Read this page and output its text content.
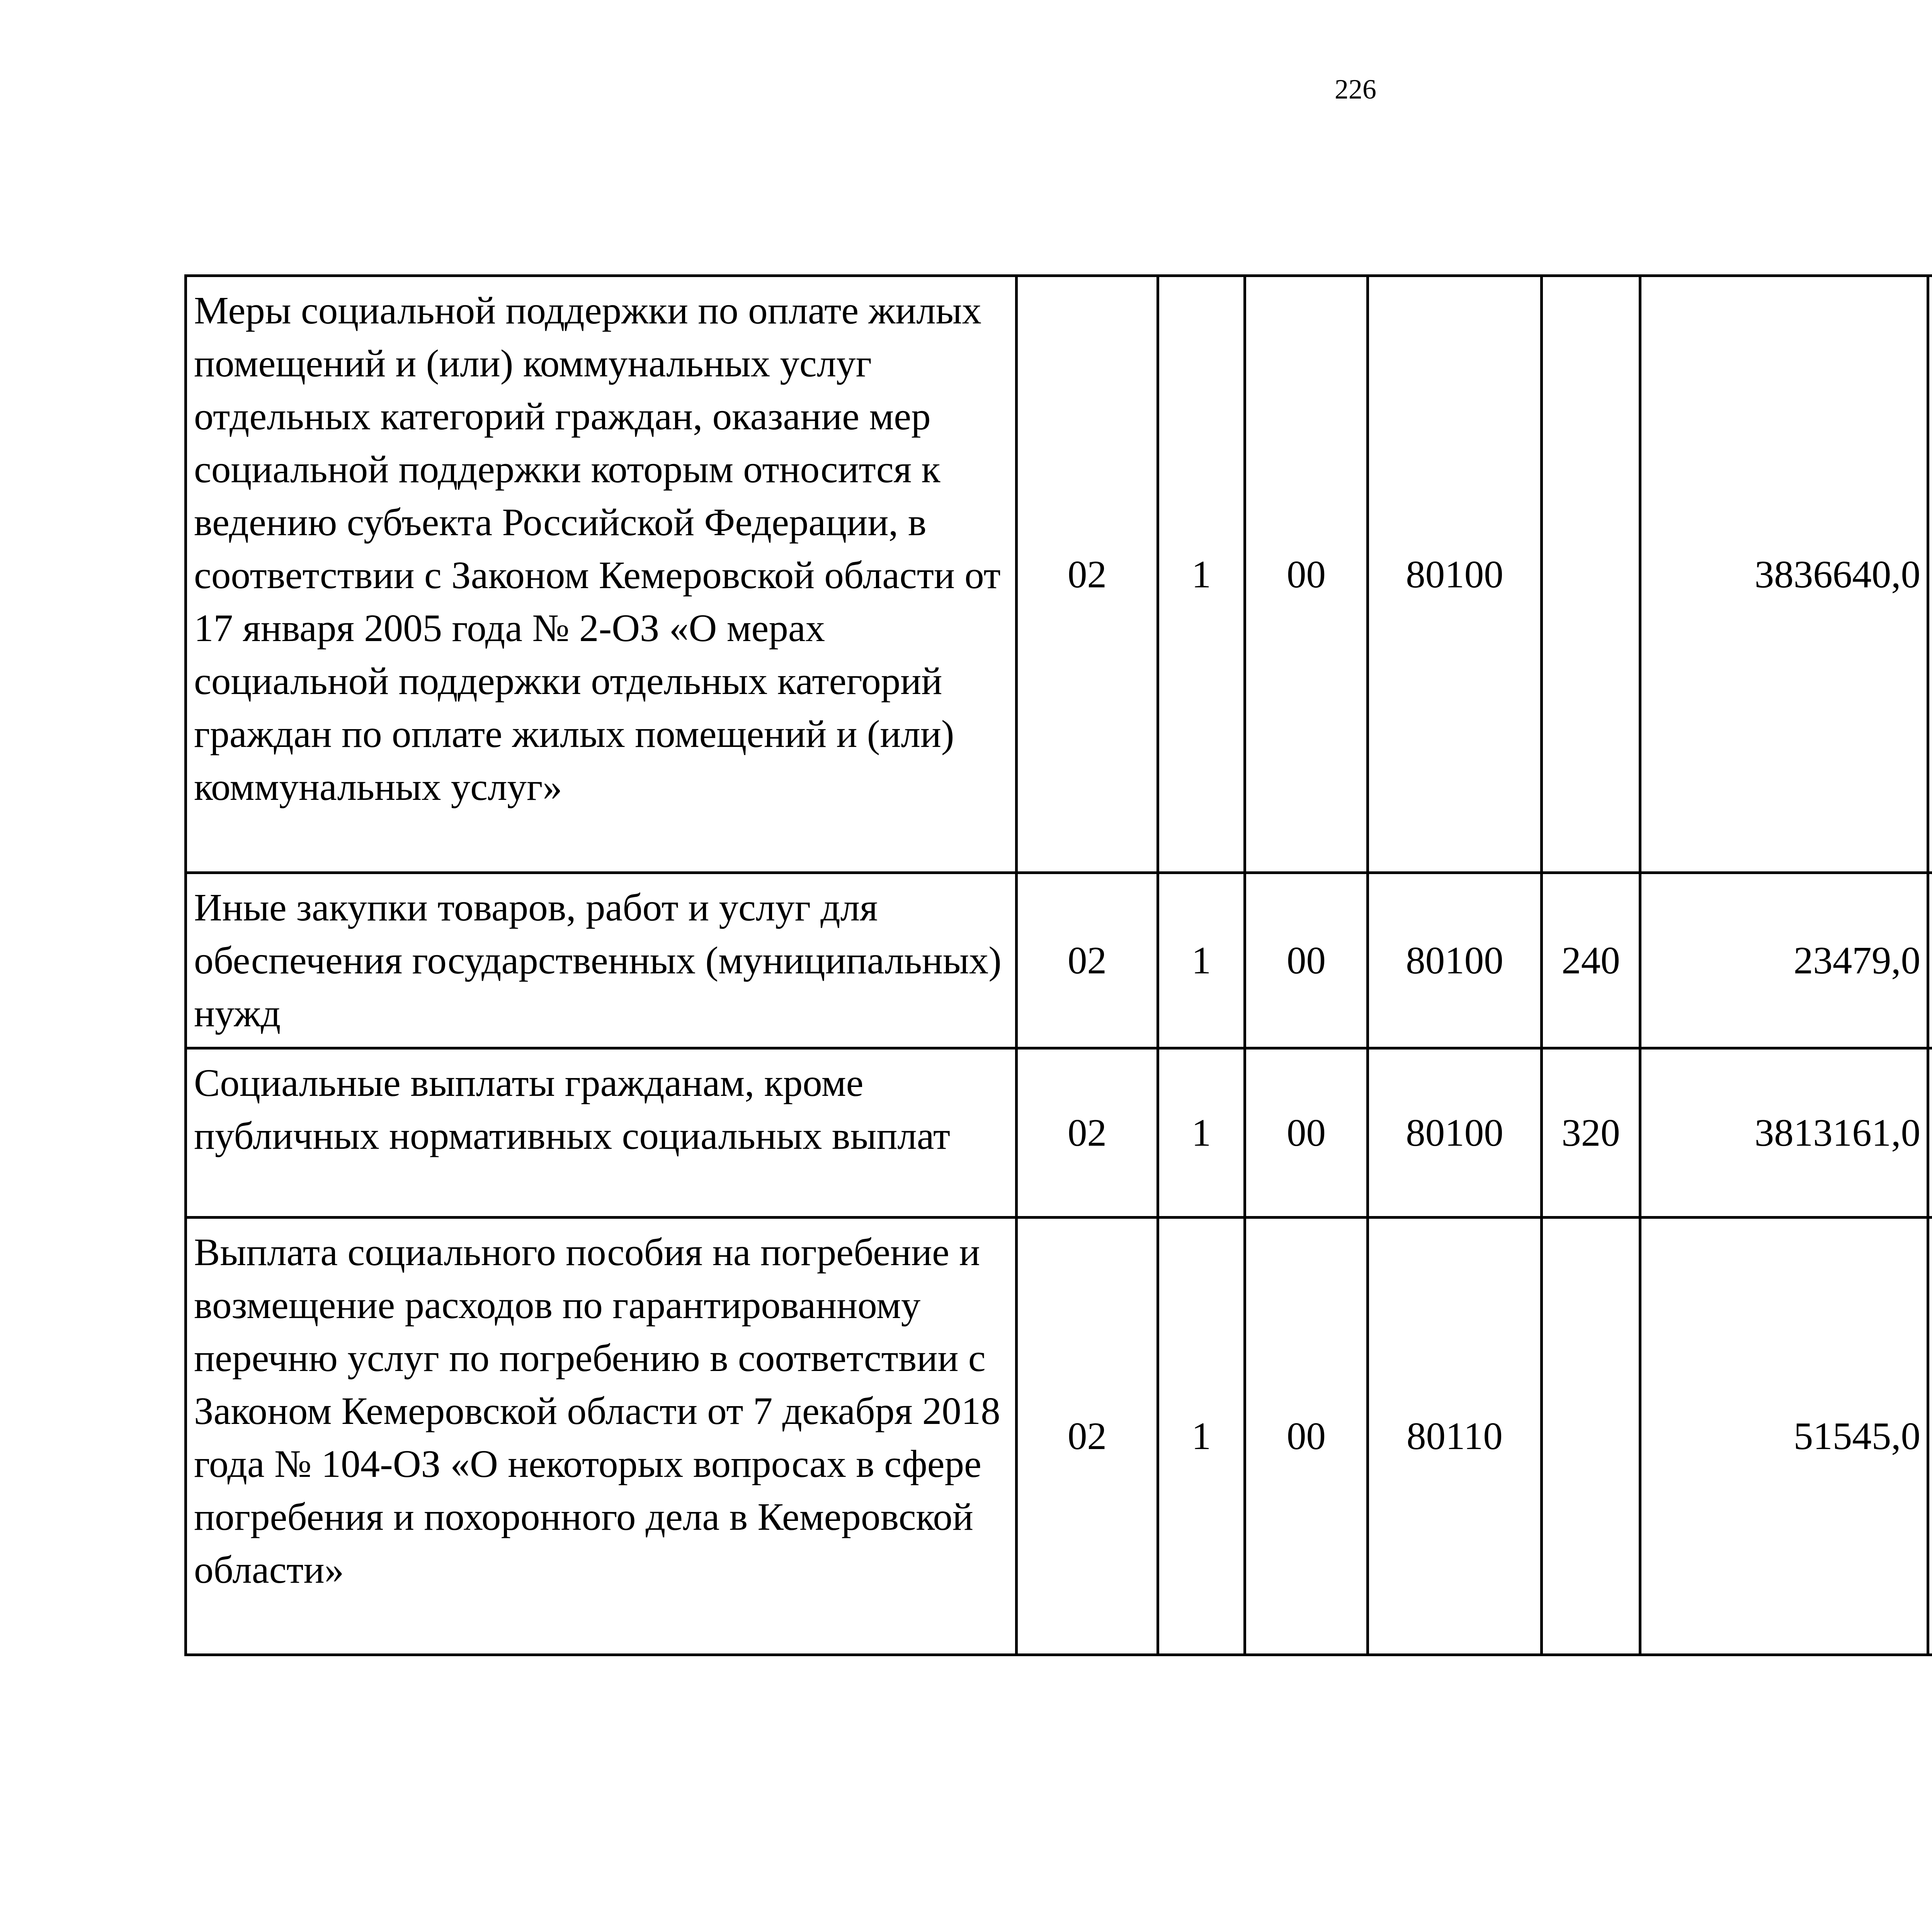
226
Меры социальной поддержки по оплате жилых помещений и (или) коммунальных услуг отдельных категорий граждан, оказание мер социальной поддержки которым относится к ведению субъекта Российской Федерации, в соответствии с Законом Кемеровской области от 17 января 2005 года № 2-ОЗ «О мерах социальной поддержки отдельных категорий граждан по оплате жилых помещений и (или) коммунальных услуг»	02	1	00	80100		3836640,0		
Иные закупки товаров, работ и услуг для обеспечения государственных (муниципальных) нужд	02	1	00	80100	240	23479,0		
Социальные выплаты гражданам, кроме публичных нормативных социальных выплат	02	1	00	80100	320	3813161,0		
Выплата социального пособия на погребение и возмещение расходов по гарантированному перечню услуг по погребению в соответствии с Законом Кемеровской области от 7 декабря 2018 года № 104-ОЗ «О некоторых вопросах в сфере погребения и похоронного дела в Кемеровской области»	02	1	00	80110		51545,0		
